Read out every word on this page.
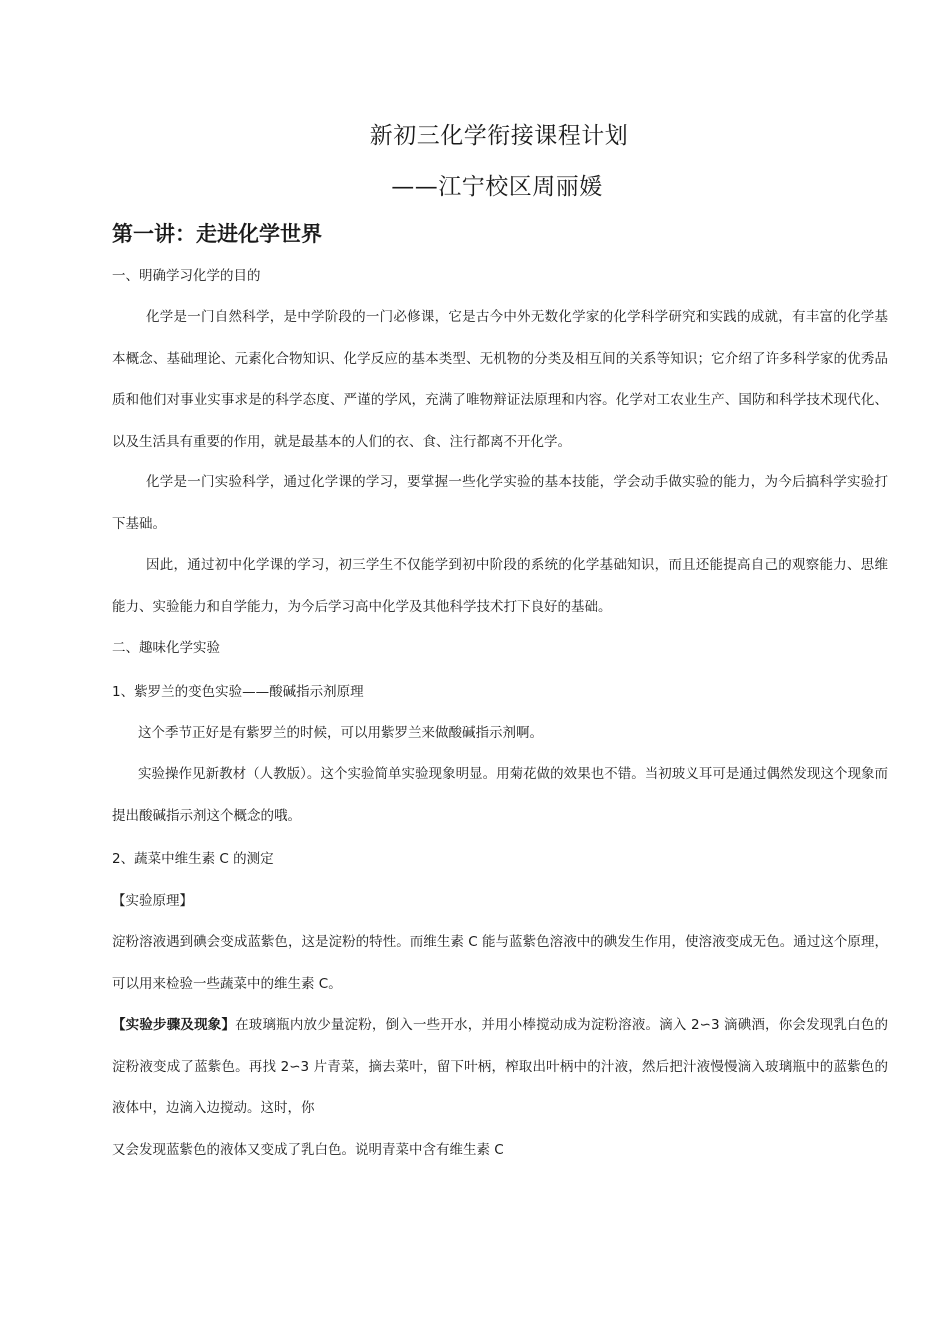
新初三化学衔接课程计划
——江宁校区周丽媛
第一讲：走进化学世界
一、明确学习化学的目的
化学是一门自然科学，是中学阶段的一门必修课，它是古今中外无数化学家的化学科学研究和实践的成就，有丰富的化学基本概念、基础理论、元素化合物知识、化学反应的基本类型、无机物的分类及相互间的关系等知识；它介绍了许多科学家的优秀品质和他们对事业实事求是的科学态度、严谨的学风，充满了唯物辩证法原理和内容。化学对工农业生产、国防和科学技术现代化、以及生活具有重要的作用，就是最基本的人们的衣、食、注行都离不开化学。
化学是一门实验科学，通过化学课的学习，要掌握一些化学实验的基本技能，学会动手做实验的能力，为今后搞科学实验打下基础。
因此，通过初中化学课的学习，初三学生不仅能学到初中阶段的系统的化学基础知识，而且还能提高自己的观察能力、思维能力、实验能力和自学能力，为今后学习高中化学及其他科学技术打下良好的基础。
二、趣味化学实验
1、紫罗兰的变色实验——酸碱指示剂原理
这个季节正好是有紫罗兰的时候，可以用紫罗兰来做酸碱指示剂啊。
实验操作见新教材（人教版）。这个实验简单实验现象明显。用菊花做的效果也不错。当初玻义耳可是通过偶然发现这个现象而提出酸碱指示剂这个概念的哦。
2、蔬菜中维生素 C 的测定
【实验原理】
淀粉溶液遇到碘会变成蓝紫色，这是淀粉的特性。而维生素 C 能与蓝紫色溶液中的碘发生作用，使溶液变成无色。通过这个原理，可以用来检验一些蔬菜中的维生素 C。
【实验步骤及现象】在玻璃瓶内放少量淀粉，倒入一些开水，并用小棒搅动成为淀粉溶液。滴入 2∽3 滴碘酒，你会发现乳白色的淀粉液变成了蓝紫色。再找 2∽3 片青菜，摘去菜叶，留下叶柄，榨取出叶柄中的汁液，然后把汁液慢慢滴入玻璃瓶中的蓝紫色的液体中，边滴入边搅动。这时，你
又会发现蓝紫色的液体又变成了乳白色。说明青菜中含有维生素 C
